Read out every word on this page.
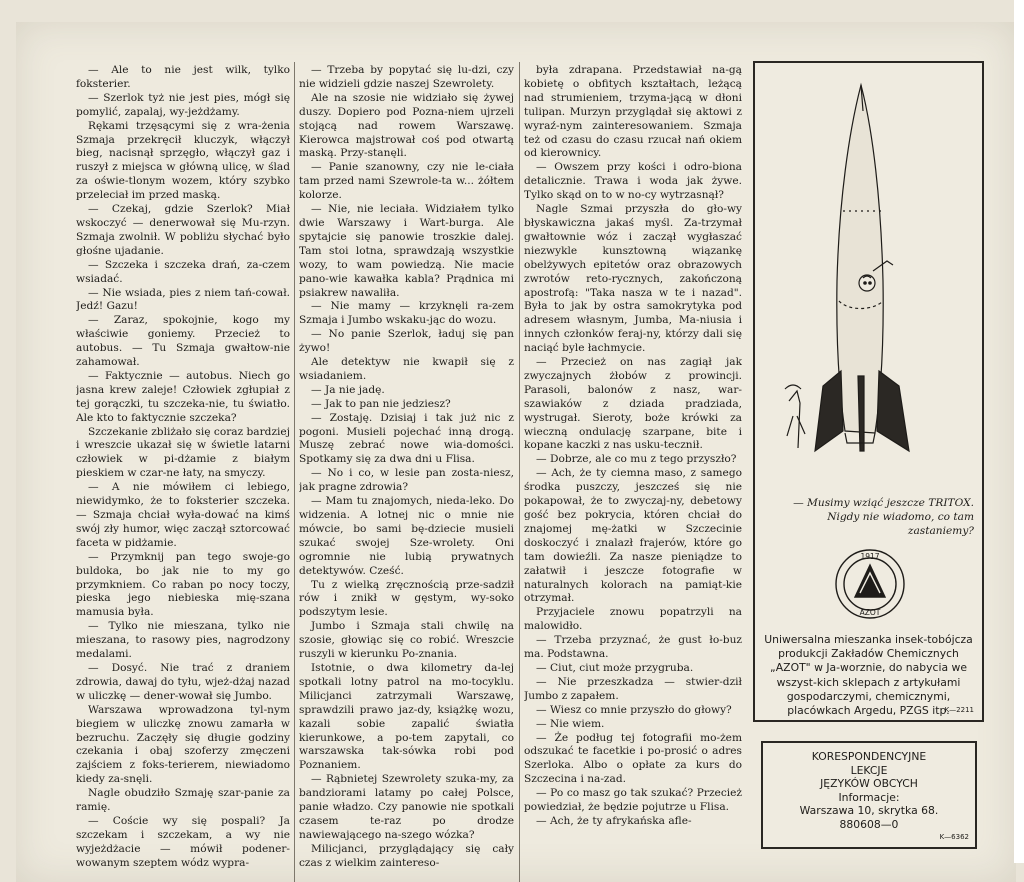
— Ale to nie jest wilk, tylko foksterier.

— Szerlok tyż nie jest pies, mógł się pomylić, zapalaj, wy-jeżdżamy.

Rękami trzęsącymi się z wra-żenia Szmaja przekręcił kluczyk, włączył bieg, nacisnął sprzęgło, włączył gaz i ruszył z miejsca w główną ulicę, w ślad za oświe-tlonym wozem, który szybko przeleciał im przed maską.

— Czekaj, gdzie Szerlok? Miał wskoczyć — denerwował się Mu-rzyn. Szmaja zwolnił. W pobliżu słychać było głośne ujadanie.

— Szczeka i szczeka drań, za-czem wsiadać.

— Nie wsiada, pies z niem tań-cował. Jedź! Gazu!

— Zaraz, spokojnie, kogo my właściwie goniemy. Przecież to autobus. — Tu Szmaja gwałtow-nie zahamował.

— Faktycznie — autobus. Niech go jasna krew zaleje! Człowiek zgłupiał z tej gorączki, tu szczeka-nie, tu światło. Ale kto to faktycznie szczeka?

Szczekanie zbliżało się coraz bardziej i wreszcie ukazał się w świetle latarni człowiek w pi-dżamie z białym pieskiem w czar-ne łaty, na smyczy.

— A nie mówiłem ci lebiego, niewidymko, że to foksterier szczeka. — Szmaja chciał wyła-dować na kimś swój zły humor, więc zaczął sztorcować faceta w pidżamie.

— Przymknij pan tego swoje-go buldoka, bo jak nie to my go przymkniem. Co raban po nocy toczy, pieska jego niebieska mię-szana mamusia była.

— Tylko nie mieszana, tylko nie mieszana, to rasowy pies, nagrodzony medalami.

— Dosyć. Nie trać z draniem zdrowia, dawaj do tyłu, wjeż-dżaj nazad w uliczkę — dener-wował się Jumbo.

Warszawa wprowadzona tyl-nym biegiem w uliczkę znowu zamarła w bezruchu. Zaczęły się długie godziny czekania i obaj szoferzy zmęczeni zajściem z foks-terierem, niewiadomo kiedy za-snęli.

Nagle obudziło Szmaję szar-panie za ramię.

— Coście wy się pospali? Ja szczekam i szczekam, a wy nie wyjeżdżacie — mówił podener-wowanym szeptem wódz wypra-

— Trzeba by popytać się lu-dzi, czy nie widzieli gdzie naszej Szewrolety.

Ale na szosie nie widziało się żywej duszy. Dopiero pod Pozna-niem ujrzeli stojącą nad rowem Warszawę. Kierowca majstrował coś pod otwartą maską. Przy-stanęli.

— Panie szanowny, czy nie le-ciała tam przed nami Szewrole-ta w... żółtem kolorze.

— Nie, nie leciała. Widziałem tylko dwie Warszawy i Wart-burga. Ale spytajcie się panowie troszkie dalej. Tam stoi lotna, sprawdzają wszystkie wozy, to wam powiedzą. Nie macie pano-wie kawałka kabla? Prądnica mi psiakrew nawaliła.

— Nie mamy — krzyknęli ra-zem Szmaja i Jumbo wskaku-jąc do wozu.

— No panie Szerlok, ładuj się pan żywo!

Ale detektyw nie kwapił się z wsiadaniem.

— Ja nie jadę.

— Jak to pan nie jedziesz?

— Zostaję. Dzisiaj i tak już nic z pogoni. Musieli pojechać inną drogą. Muszę zebrać nowe wia-domości. Spotkamy się za dwa dni u Flisa.

— No i co, w lesie pan zosta-niesz, jak pragne zdrowia?

— Mam tu znajomych, nieda-leko. Do widzenia. A lotnej nic o mnie nie mówcie, bo sami bę-dziecie musieli szukać swojej Sze-wrolety. Oni ogromnie nie lubią prywatnych detektywów. Cześć.

Tu z wielką zręcznością prze-sadził rów i znikł w gęstym, wy-soko podszytym lesie.

Jumbo i Szmaja stali chwilę na szosie, głowiąc się co robić. Wreszcie ruszyli w kierunku Po-znania.

Istotnie, o dwa kilometry da-lej spotkali lotny patrol na mo-tocyklu. Milicjanci zatrzymali Warszawę, sprawdzili prawo jaz-dy, książkę wozu, kazali sobie zapalić światła kierunkowe, a po-tem zapytali, co warszawska tak-sówka robi pod Poznaniem.

— Rąbnietej Szewrolety szuka-my, za bandziorami latamy po całej Polsce, panie władzo. Czy panowie nie spotkali czasem te-raz po drodze nawiewającego na-szego wózka?

Milicjanci, przyglądający się cały czas z wielkim zaintereso-

była zdrapana. Przedstawiał na-gą kobietę o obfitych kształtach, leżącą nad strumieniem, trzyma-jącą w dłoni tulipan. Murzyn przyglądał się aktowi z wyraź-nym zainteresowaniem. Szmaja też od czasu do czasu rzucał nań okiem od kierownicy.

— Owszem przy kości i odro-biona detalicznie. Trawa i woda jak żywe. Tylko skąd on to w no-cy wytrzasnął?

Nagle Szmai przyszła do gło-wy błyskawiczna jakaś myśl. Za-trzymał gwałtownie wóz i zaczął wygłaszać niezwykle kunsztowną wiązankę obelżywych epitetów oraz obrazowych zwrotów reto-rycznych, zakończoną apostrofą: "Taka nasza w te i nazad". Była to jak by ostra samokrytyka pod adresem własnym, Jumba, Ma-niusia i innych członków feraj-ny, którzy dali się naciąć byle łachmycie.

— Przecież on nas zagiął jak zwyczajnych żłobów z prowincji. Parasoli, balonów z nasz, war-szawiaków z dziada pradziada, wystrugał. Sieroty, boże krówki za wieczną ondulację szarpane, bite i kopane kaczki z nas usku-tecznił.

— Dobrze, ale co mu z tego przyszło?

— Ach, że ty ciemna maso, z samego środka puszczy, jeszcześ się nie pokapował, że to zwyczaj-ny, debetowy gość bez pokrycia, któren chciał do znajomej mę-żatki w Szczecinie doskoczyć i znalazł frajerów, które go tam dowieźli. Za nasze pieniądze to załatwił i jeszcze fotografie w naturalnych kolorach na pamiąt-kie otrzymał.

Przyjaciele znowu popatrzyli na malowidło.

— Trzeba przyznać, że gust ło-buz ma. Podstawna.

— Ciut, ciut może przygruba.

— Nie przeszkadza — stwier-dził Jumbo z zapałem.

— Wiesz co mnie przyszło do głowy?

— Nie wiem.

— Że podług tej fotografii mo-żem odszukać te facetkie i po-prosić o adres Szerloka. Albo o opłate za kurs do Szczecina i na-zad.

— Po co masz go tak szukać? Przecież powiedział, że będzie pojutrze u Flisa.

— Ach, że ty afrykańska afle-

— Musimy wziąć jeszcze TRITOX. Nigdy nie wiadomo, co tam zastaniemy?
1917
AZOT
Uniwersalna mieszanka insek-tobójcza produkcji Zakładów Chemicznych „AZOT" w Ja-worznie, do nabycia we wszyst-kich sklepach z artykułami gospodarczymi, chemicznymi, placówkach Argedu, PZGS itp.
K—2211
KORESPONDENCYJNE
LEKCJE
JĘZYKÓW OBCYCH
Informacje:
Warszawa 10, skrytka 68.
880608—0
K—6362
